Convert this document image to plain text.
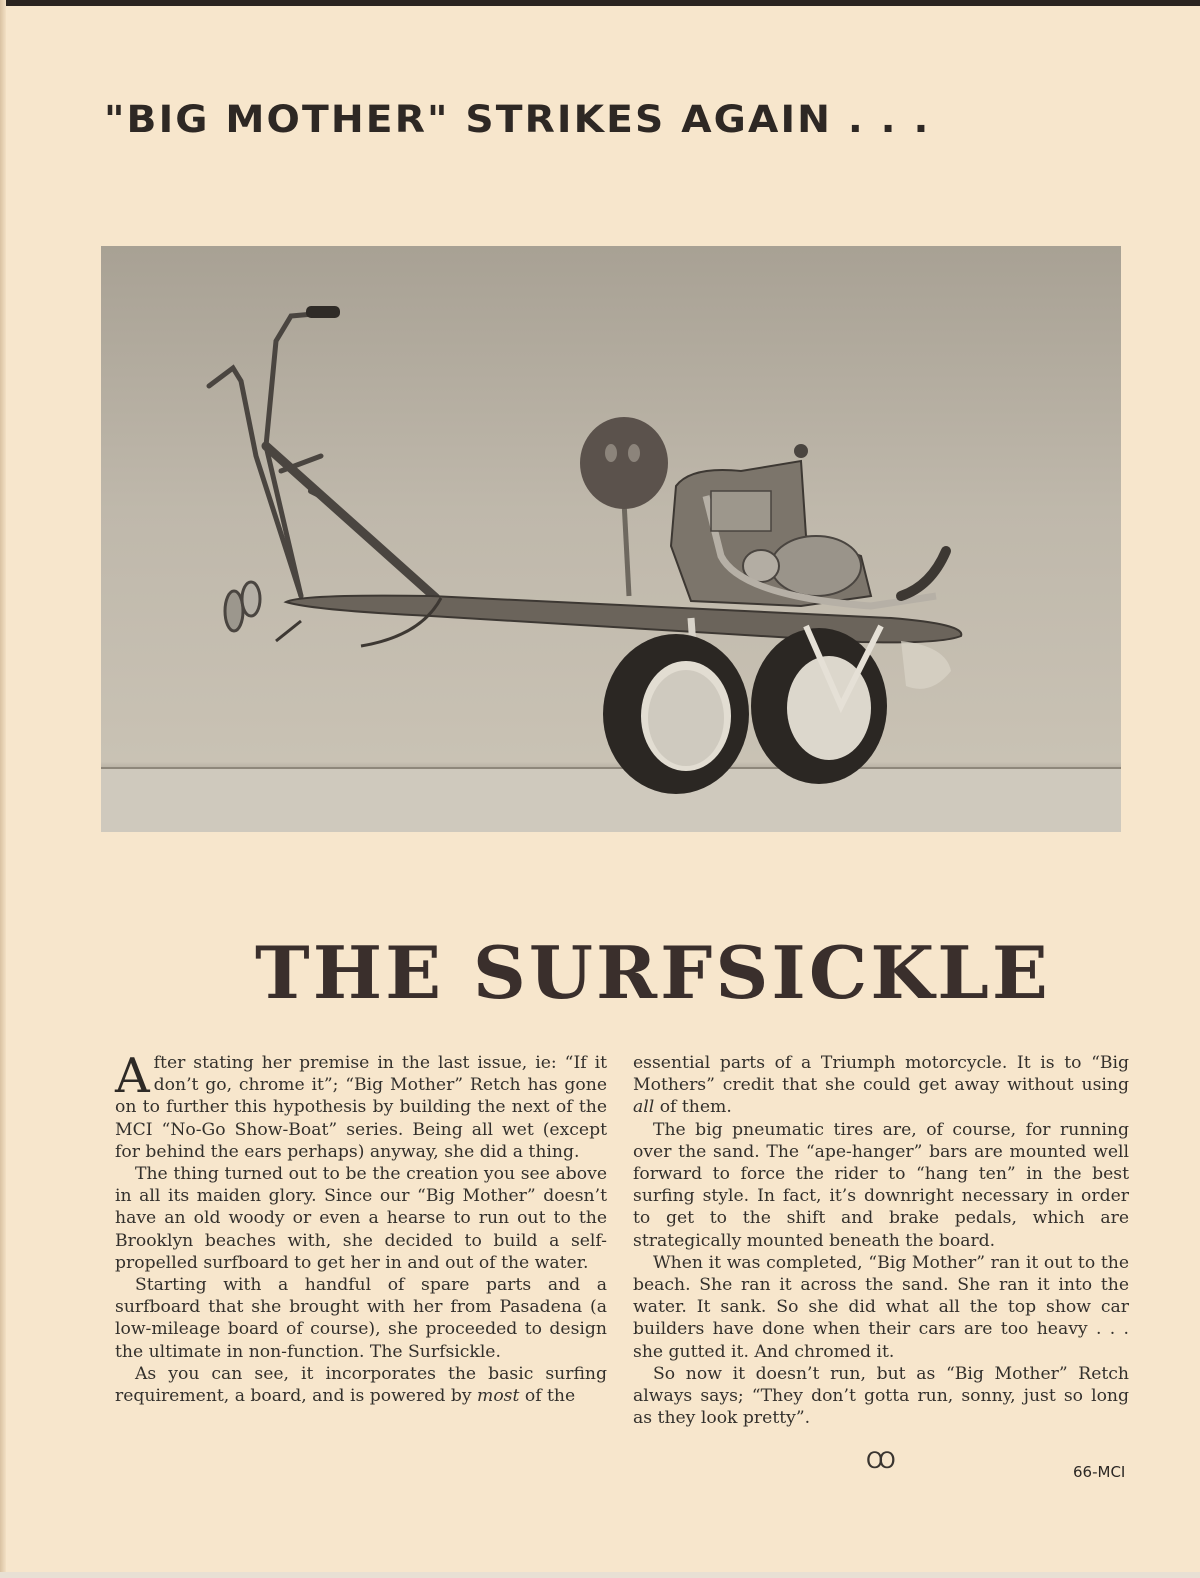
"BIG MOTHER" STRIKES AGAIN . . .
THE SURFSICKLE

After stating her premise in the last issue, ie: “If it don’t go, chrome it”; “Big Mother” Retch has gone on to further this hypothesis by building the next of the MCI “No-Go Show-Boat” series. Being all wet (except for behind the ears perhaps) anyway, she did a thing.

The thing turned out to be the creation you see above in all its maiden glory. Since our “Big Mother” doesn’t have an old woody or even a hearse to run out to the Brooklyn beaches with, she decided to build a self-propelled surfboard to get her in and out of the water.

Starting with a handful of spare parts and a surfboard that she brought with her from Pasadena (a low-mileage board of course), she proceeded to design the ultimate in non-function. The Surfsickle.

As you can see, it incorporates the basic surfing requirement, a board, and is powered by most of the

essential parts of a Triumph motorcycle. It is to “Big Mothers” credit that she could get away without using all of them.

The big pneumatic tires are, of course, for running over the sand. The “ape-hanger” bars are mounted well forward to force the rider to “hang ten” in the best surfing style. In fact, it’s downright necessary in order to get to the shift and brake pedals, which are strategically mounted beneath the board.

When it was completed, “Big Mother” ran it out to the beach. She ran it across the sand. She ran it into the water. It sank. So she did what all the top show car builders have done when their cars are too heavy . . . she gutted it. And chromed it.

So now it doesn’t run, but as “Big Mother” Retch always says; “They don’t gotta run, sonny, just so long as they look pretty”.

OO	66-MCI
